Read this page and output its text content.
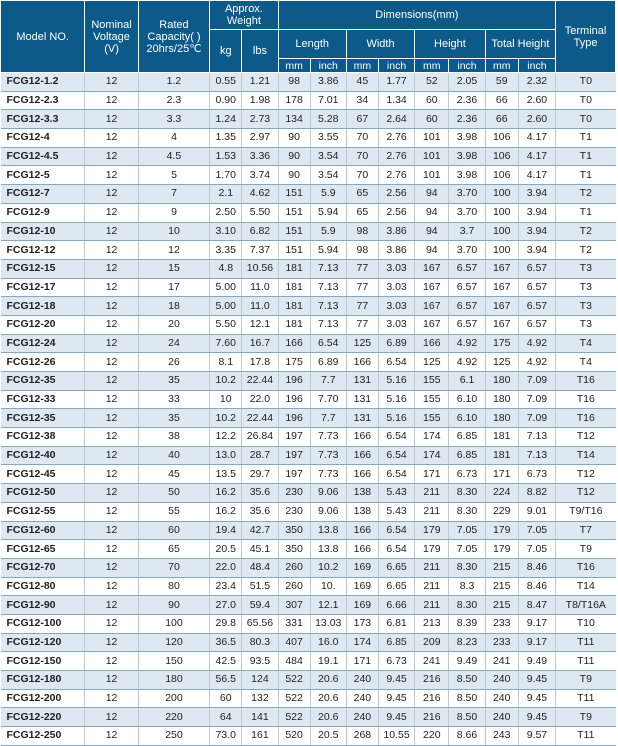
Model NO.	Nominal Voltage (V)	Rated Capacity( ) 20hrs/25℃	Approx. Weight		Dimensions(mm)								Terminal Type
			kg	lbs	Length		Width		Height		Total Height		
					mm	inch	mm	inch	mm	inch	mm	inch	
FCG12-1.2	12	1.2	0.55	1.21	98	3.86	45	1.77	52	2.05	59	2.32	T0
FCG12-2.3	12	2.3	0.90	1.98	178	7.01	34	1.34	60	2.36	66	2.60	T0
FCG12-3.3	12	3.3	1.24	2.73	134	5.28	67	2.64	60	2.36	66	2.60	T0
FCG12-4	12	4	1.35	2.97	90	3.55	70	2.76	101	3.98	106	4.17	T1
FCG12-4.5	12	4.5	1.53	3.36	90	3.54	70	2.76	101	3.98	106	4.17	T1
FCG12-5	12	5	1.70	3.74	90	3.54	70	2.76	101	3.98	106	4.17	T1
FCG12-7	12	7	2.1	4.62	151	5.9	65	2.56	94	3.70	100	3.94	T2
FCG12-9	12	9	2.50	5.50	151	5.94	65	2.56	94	3.70	100	3.94	T1
FCG12-10	12	10	3.10	6.82	151	5.9	98	3.86	94	3.7	100	3.94	T2
FCG12-12	12	12	3.35	7.37	151	5.94	98	3.86	94	3.70	100	3.94	T2
FCG12-15	12	15	4.8	10.56	181	7.13	77	3.03	167	6.57	167	6.57	T3
FCG12-17	12	17	5.00	11.0	181	7.13	77	3.03	167	6.57	167	6.57	T3
FCG12-18	12	18	5.00	11.0	181	7.13	77	3.03	167	6.57	167	6.57	T3
FCG12-20	12	20	5.50	12.1	181	7.13	77	3.03	167	6.57	167	6.57	T3
FCG12-24	12	24	7.60	16.7	166	6.54	125	6.89	166	4.92	175	4.92	T4
FCG12-26	12	26	8.1	17.8	175	6.89	166	6.54	125	4.92	125	4.92	T4
FCG12-35	12	35	10.2	22.44	196	7.7	131	5.16	155	6.1	180	7.09	T16
FCG12-33	12	33	10	22.0	196	7.70	131	5.16	155	6.10	180	7.09	T16
FCG12-35	12	35	10.2	22.44	196	7.7	131	5.16	155	6.10	180	7.09	T16
FCG12-38	12	38	12.2	26.84	197	7.73	166	6.54	174	6.85	181	7.13	T12
FCG12-40	12	40	13.0	28.7	197	7.73	166	6.54	174	6.85	181	7.13	T14
FCG12-45	12	45	13.5	29.7	197	7.73	166	6.54	171	6.73	171	6.73	T12
FCG12-50	12	50	16.2	35.6	230	9.06	138	5.43	211	8.30	224	8.82	T12
FCG12-55	12	55	16.2	35.6	230	9.06	138	5.43	211	8.30	229	9.01	T9/T16
FCG12-60	12	60	19.4	42.7	350	13.8	166	6.54	179	7.05	179	7.05	T7
FCG12-65	12	65	20.5	45.1	350	13.8	166	6.54	179	7.05	179	7.05	T9
FCG12-70	12	70	22.0	48.4	260	10.2	169	6.65	211	8.30	215	8.46	T16
FCG12-80	12	80	23.4	51.5	260	10.	169	6.65	211	8.3	215	8.46	T14
FCG12-90	12	90	27.0	59.4	307	12.1	169	6.66	211	8.30	215	8.47	T8/T16A
FCG12-100	12	100	29.8	65.56	331	13.03	173	6.81	213	8.39	233	9.17	T10
FCG12-120	12	120	36.5	80.3	407	16.0	174	6.85	209	8.23	233	9.17	T11
FCG12-150	12	150	42.5	93.5	484	19.1	171	6.73	241	9.49	241	9.49	T11
FCG12-180	12	180	56.5	124	522	20.6	240	9.45	216	8.50	240	9.45	T9
FCG12-200	12	200	60	132	522	20.6	240	9.45	216	8.50	240	9.45	T11
FCG12-220	12	220	64	141	522	20.6	240	9.45	216	8.50	240	9.45	T9
FCG12-250	12	250	73.0	161	520	20.5	268	10.55	220	8.66	243	9.57	T11
